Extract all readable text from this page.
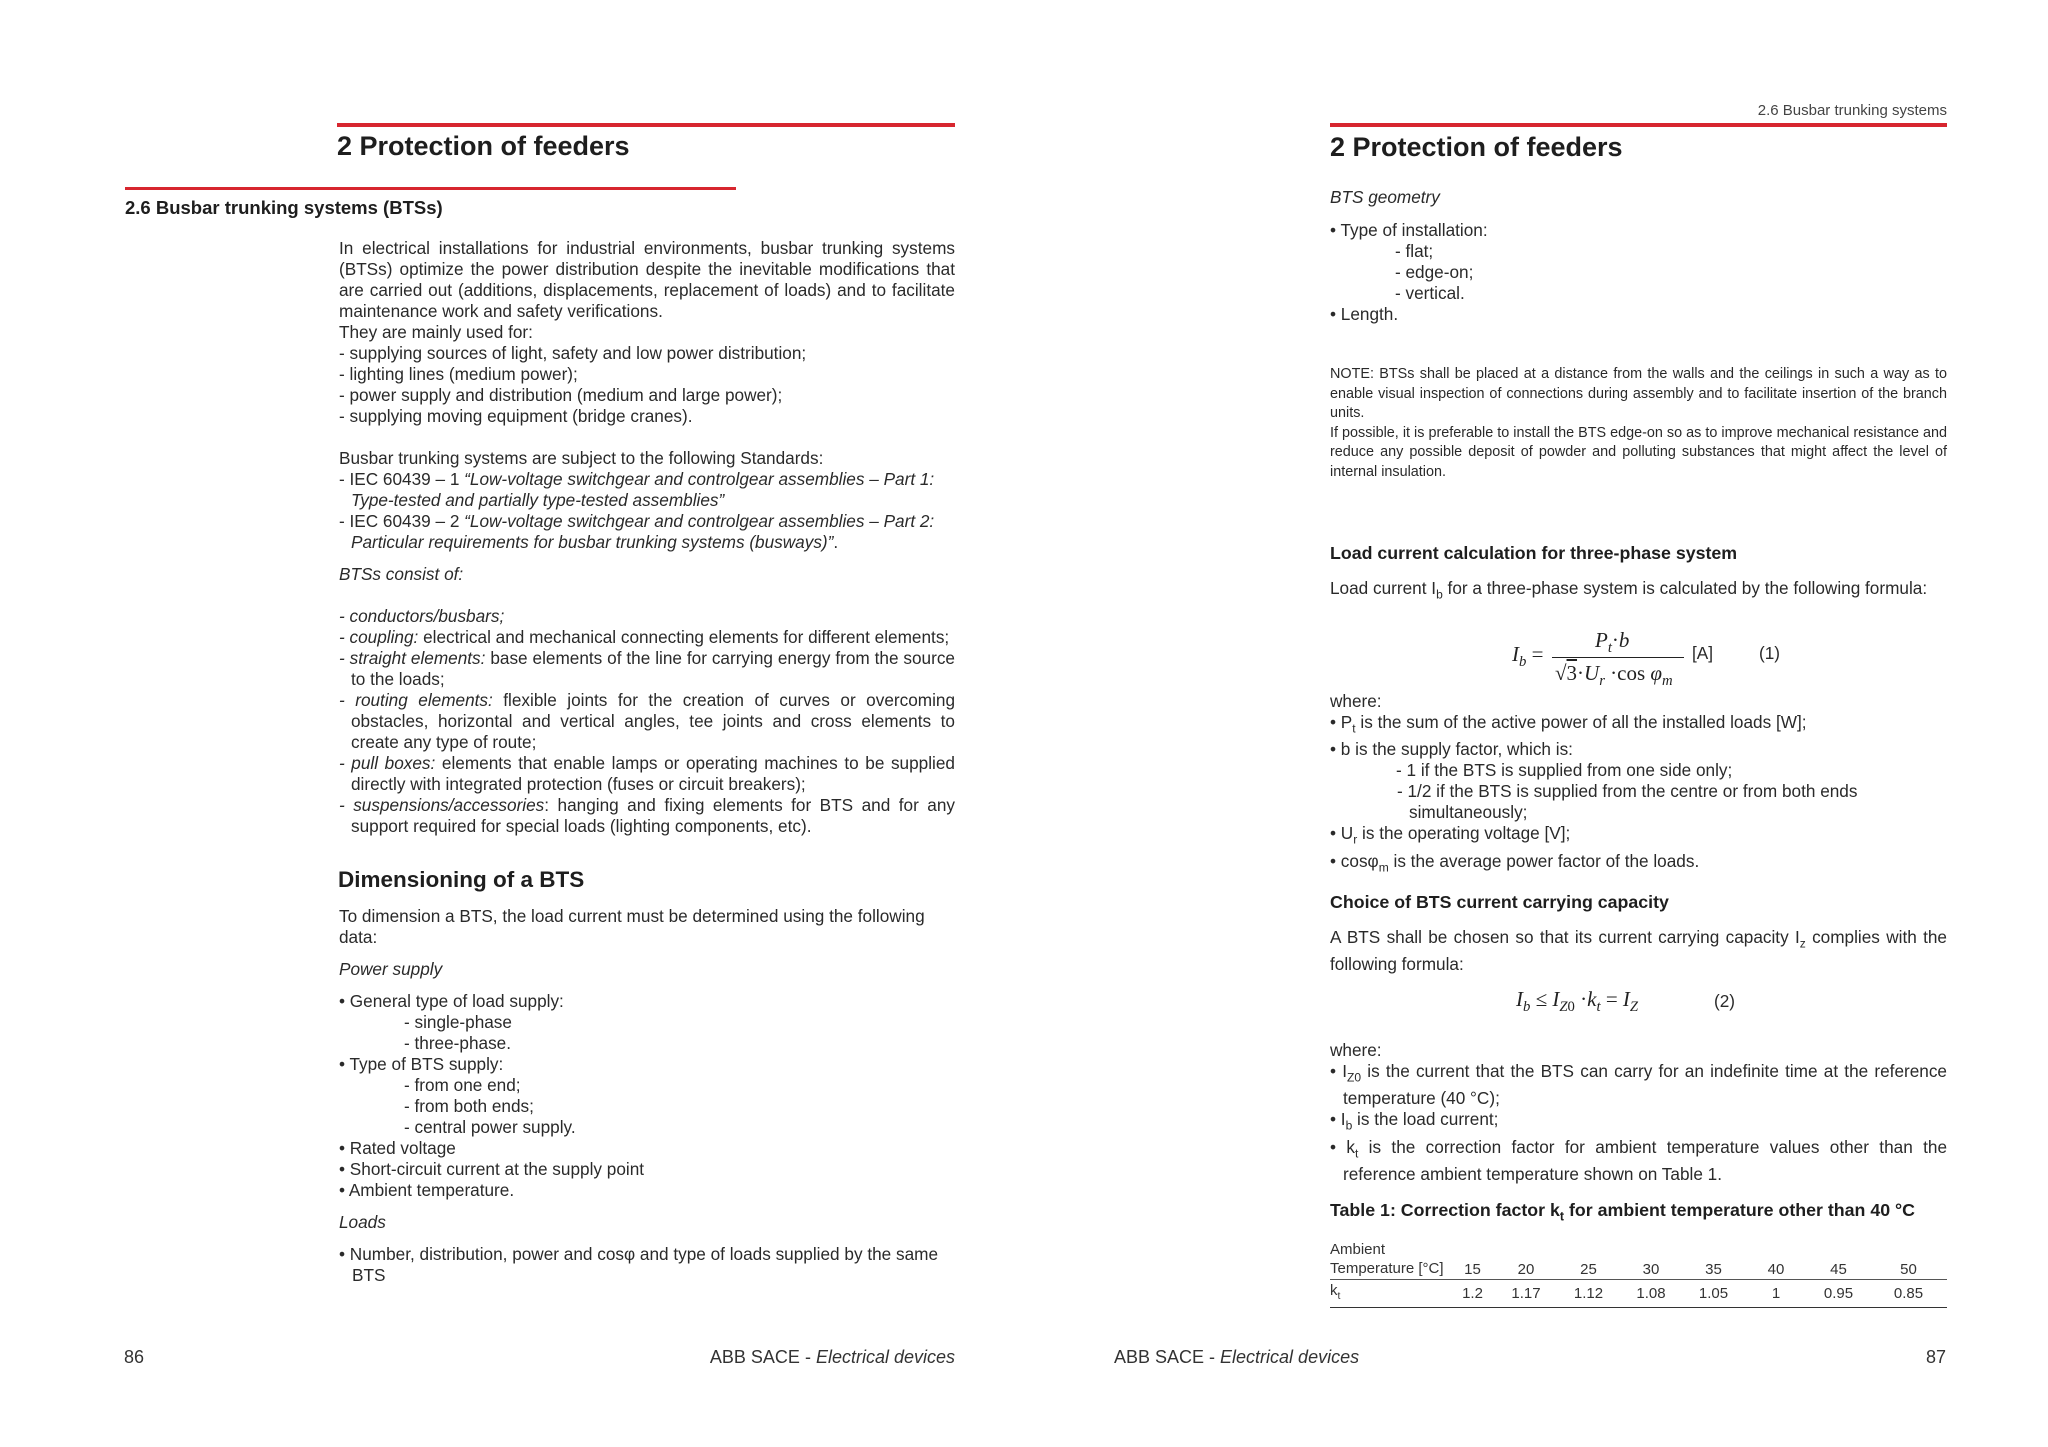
2 Protection of feeders
2.6 Busbar trunking systems (BTSs)

In electrical installations for industrial environments, busbar trunking systems (BTSs) optimize the power distribution despite the inevitable modifications that are carried out (additions, displacements, replacement of loads) and to facilitate maintenance work and safety verifications.

They are mainly used for:

- supplying sources of light, safety and low power distribution;

- lighting lines (medium power);

- power supply and distribution (medium and large power);

- supplying moving equipment (bridge cranes).

Busbar trunking systems are subject to the following Standards:

- IEC 60439 – 1 “Low-voltage switchgear and controlgear assemblies – Part 1: Type-tested and partially type-tested assemblies”

- IEC 60439 – 2 “Low-voltage switchgear and controlgear assemblies – Part 2: Particular requirements for busbar trunking systems (busways)”.

BTSs consist of:

- conductors/busbars;

- coupling: electrical and mechanical connecting elements for different elements;

- straight elements: base elements of the line for carrying energy from the source to the loads;

- routing elements: flexible joints for the creation of curves or overcoming obstacles, horizontal and vertical angles, tee joints and cross elements to create any type of route;

- pull boxes: elements that enable lamps or operating machines to be supplied directly with integrated protection (fuses or circuit breakers);

- suspensions/accessories: hanging and fixing elements for BTS and for any support required for special loads (lighting components, etc).

Dimensioning of a BTS

To dimension a BTS, the load current must be determined using the following data:

Power supply

• General type of load supply:

- single-phase

- three-phase.

• Type of BTS supply:

- from one end;

- from both ends;

- central power supply.

• Rated voltage

• Short-circuit current at the supply point

• Ambient temperature.

Loads

• Number, distribution, power and cosφ and type of loads supplied by the same BTS

86	ABB SACE - Electrical devices
2.6 Busbar trunking systems
2 Protection of feeders

BTS geometry

• Type of installation:

- flat;

- edge-on;

- vertical.

• Length.

NOTE: BTSs shall be placed at a distance from the walls and the ceilings in such a way as to enable visual inspection of connections during assembly and to facilitate insertion of the branch units.

If possible, it is preferable to install the BTS edge-on so as to improve mechanical resistance and reduce any possible deposit of powder and polluting substances that might affect the level of internal insulation.

Load current calculation for three-phase system
Load current $I_b$ for a three-phase system is calculated by the following formula:
$I_b$ =
$P_t\cdot b$
$√3\cdot U_r \cdot\cos$ $\varphi_m$
[A]	(1)

where:

• $P_t$ is the sum of the active power of all the installed loads [W];

• b is the supply factor, which is:

- 1 if the BTS is supplied from one side only;

- 1/2 if the BTS is supplied from the centre or from both ends simultaneously;

• $U_r$ is the operating voltage [V];

• cosφ$_m$ is the average power factor of the loads.

Choice of BTS current carrying capacity
A BTS shall be chosen so that its current carrying capacity $I_z$ complies with the following formula:
$I_b \le I_{Z0} \cdot k_t = I_Z$	(2)

where:

• $I_{Z0}$ is the current that the BTS can carry for an indefinite time at the reference temperature (40 °C);

• $I_b$ is the load current;

• $k_t$ is the correction factor for ambient temperature values other than the reference ambient temperature shown on Table 1.

Table 1: Correction factor $k_t$ for ambient temperature other than 40 °C
Ambient
Temperature [°C]	15	20	25	30	35	40	45	50
$k_t$	1.2	1.17	1.12	1.08	1.05	1	0.95	0.85
ABB SACE - Electrical devices	87
